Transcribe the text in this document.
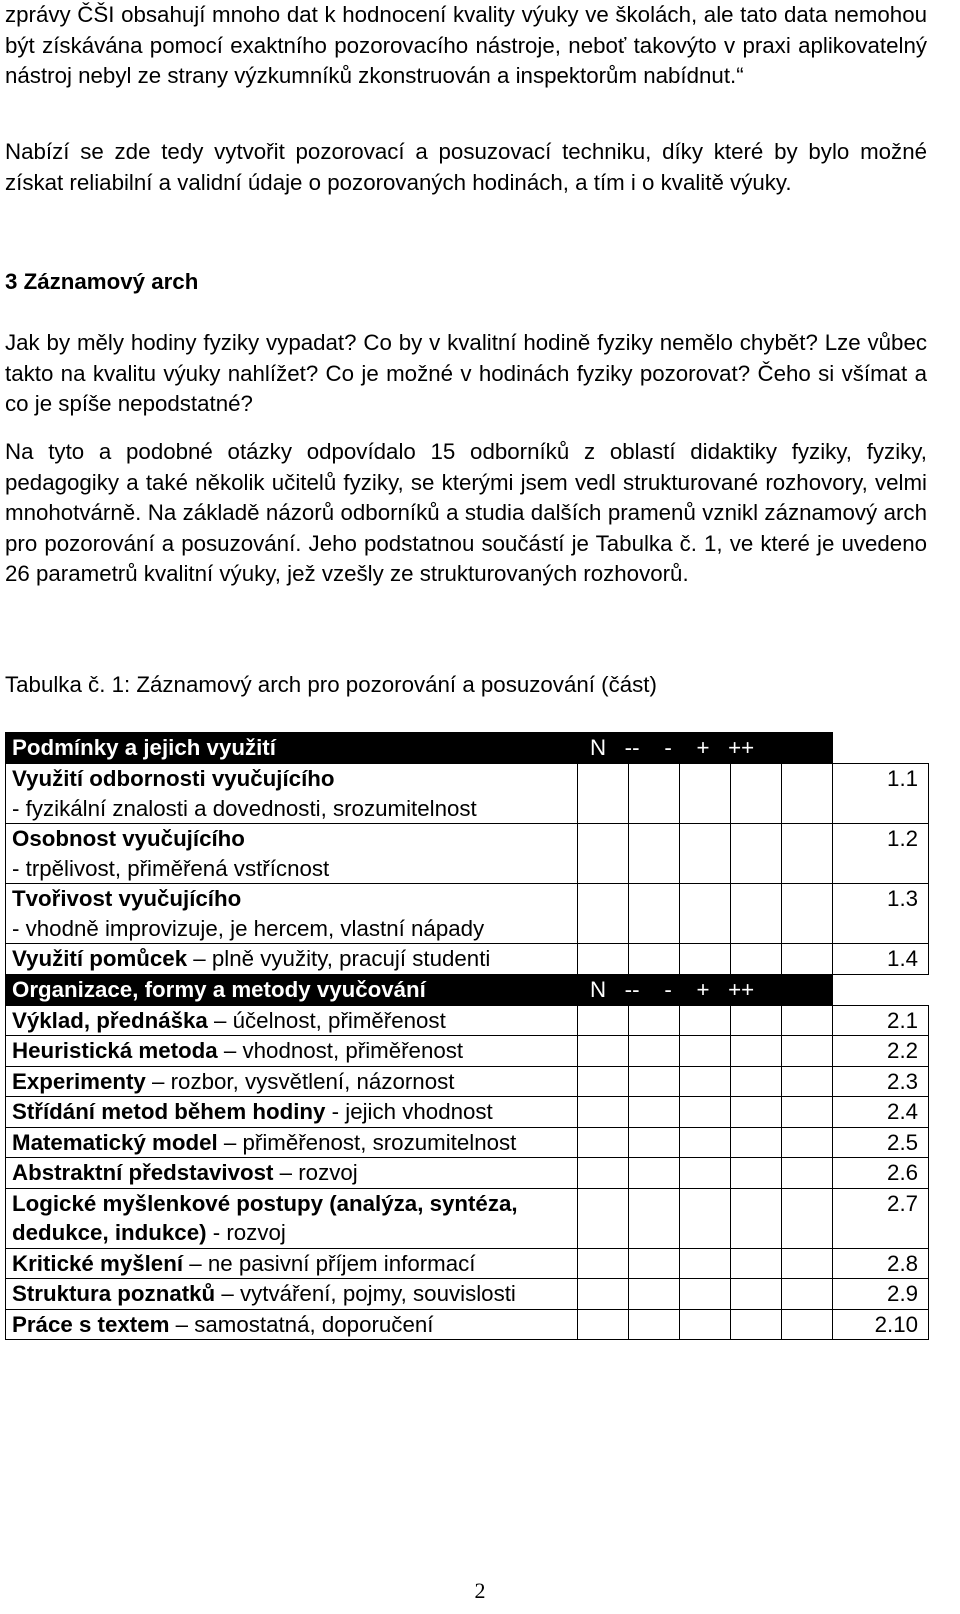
zprávy ČŠI obsahují mnoho dat k hodnocení kvality výuky ve školách, ale tato data nemohou být získávána pomocí exaktního pozorovacího nástroje, neboť takovýto v praxi aplikovatelný nástroj nebyl ze strany výzkumníků zkonstruován a inspektorům nabídnut.“

Nabízí se zde tedy vytvořit pozorovací a posuzovací techniku, díky které by bylo možné získat reliabilní a validní údaje o pozorovaných hodinách, a tím i o kvalitě výuky.

3 Záznamový arch

Jak by měly hodiny fyziky vypadat? Co by v kvalitní hodině fyziky nemělo chybět? Lze vůbec takto na kvalitu výuky nahlížet? Co je možné v hodinách fyziky pozorovat? Čeho si všímat a co je spíše nepodstatné?

Na tyto a podobné otázky odpovídalo 15 odborníků z oblastí didaktiky fyziky, fyziky, pedagogiky a také několik učitelů fyziky, se kterými jsem vedl strukturované rozhovory, velmi mnohotvárně. Na základě názorů odborníků a studia dalších pramenů vznikl záznamový arch pro pozorování a posuzování. Jeho podstatnou součástí je Tabulka č. 1, ve které je uvedeno 26 parametrů kvalitní výuky, jež vzešly ze strukturovaných rozhovorů.

Tabulka č. 1: Záznamový arch pro pozorování a posuzování (část)

Podmínky a jejich využití	N   --    -    +   ++					
Využití odbornosti vyučujícího
- fyzikální znalosti a dovednosti, srozumitelnost						1.1
Osobnost vyučujícího
- trpělivost, přiměřená vstřícnost						1.2
Tvořivost vyučujícího
- vhodně improvizuje, je hercem, vlastní nápady						1.3
Využití pomůcek – plně využity, pracují studenti						1.4
Organizace, formy a metody vyučování	N   --    -    +   ++					
Výklad, přednáška – účelnost, přiměřenost						2.1
Heuristická metoda – vhodnost, přiměřenost						2.2
Experimenty – rozbor, vysvětlení, názornost						2.3
Střídání metod během hodiny - jejich vhodnost						2.4
Matematický model – přiměřenost, srozumitelnost						2.5
Abstraktní představivost – rozvoj						2.6
Logické myšlenkové postupy (analýza, syntéza, dedukce, indukce) - rozvoj						2.7
Kritické myšlení – ne pasivní příjem informací						2.8
Struktura poznatků – vytváření, pojmy, souvislosti						2.9
Práce s textem – samostatná, doporučení						2.10
2
